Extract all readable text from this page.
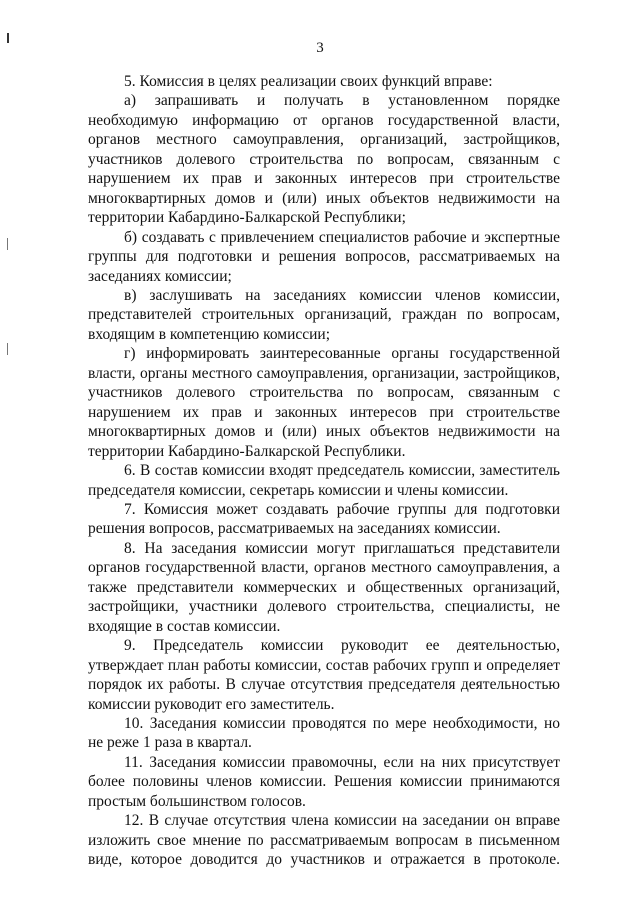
3

5. Комиссия в целях реализации своих функций вправе:

а) запрашивать и получать в установленном порядке необходимую информацию от органов государственной власти, органов местного самоуправления, организаций, застройщиков, участников долевого строительства по вопросам, связанным с нарушением их прав и законных интересов при строительстве многоквартирных домов и (или) иных объектов недвижимости на территории Кабардино-Балкарской Республики;

б) создавать с привлечением специалистов рабочие и экспертные группы для подготовки и решения вопросов, рассматриваемых на заседаниях комиссии;

в) заслушивать на заседаниях комиссии членов комиссии, представителей строительных организаций, граждан по вопросам, входящим в компетенцию комиссии;

г) информировать заинтересованные органы государственной власти, органы местного самоуправления, организации, застройщиков, участников долевого строительства по вопросам, связанным с нарушением их прав и законных интересов при строительстве многоквартирных домов и (или) иных объектов недвижимости на территории Кабардино-Балкарской Республики.

6. В состав комиссии входят председатель комиссии, заместитель председателя комиссии, секретарь комиссии и члены комиссии.

7. Комиссия может создавать рабочие группы для подготовки решения вопросов, рассматриваемых на заседаниях комиссии.

8. На заседания комиссии могут приглашаться представители органов государственной власти, органов местного самоуправления, а также представители коммерческих и общественных организаций, застройщики, участники долевого строительства, специалисты, не входящие в состав комиссии.

9. Председатель комиссии руководит ее деятельностью, утверждает план работы комиссии, состав рабочих групп и определяет порядок их работы. В случае отсутствия председателя деятельностью комиссии руководит его заместитель.

10. Заседания комиссии проводятся по мере необходимости, но не реже 1 раза в квартал.

11. Заседания комиссии правомочны, если на них присутствует более половины членов комиссии. Решения комиссии принимаются простым большинством голосов.

12. В случае отсутствия члена комиссии на заседании он вправе изложить свое мнение по рассматриваемым вопросам в письменном виде, которое доводится до участников и отражается в протоколе.
